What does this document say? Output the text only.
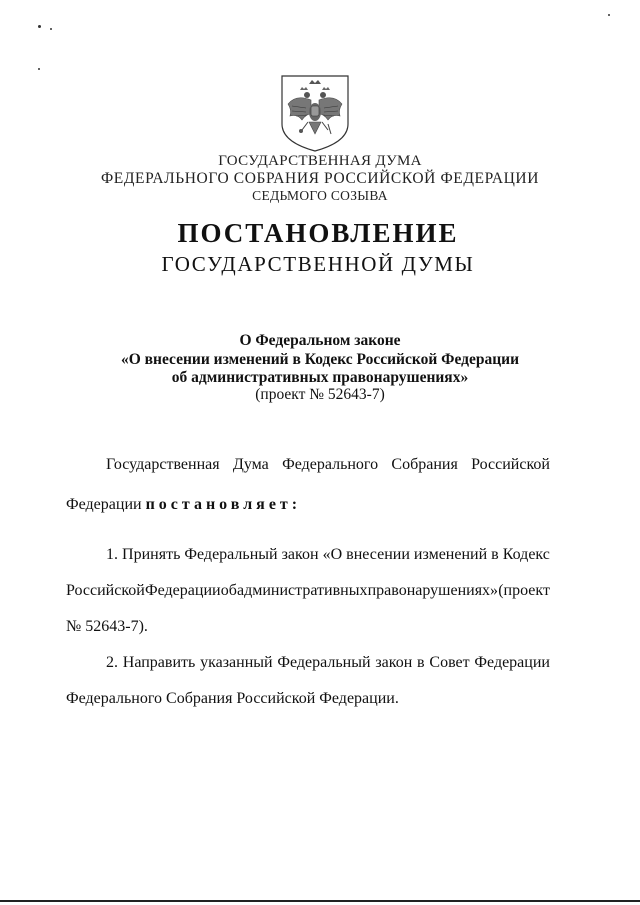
ГОСУДАРСТВЕННАЯ ДУМА
ФЕДЕРАЛЬНОГО СОБРАНИЯ РОССИЙСКОЙ ФЕДЕРАЦИИ
СЕДЬМОГО СОЗЫВА
ПОСТАНОВЛЕНИЕ
ГОСУДАРСТВЕННОЙ ДУМЫ
О Федеральном законе
«О внесении изменений в Кодекс Российской Федерации
об административных правонарушениях»
(проект № 52643-7)
Государственная Дума Федерального Собрания Российской
Федерации постановляет:
1. Принять Федеральный закон «О внесении изменений в Кодекс
Российской Федерации об административных правонарушениях» (проект
№ 52643-7).
2. Направить указанный Федеральный закон в Совет Федерации
Федерального Собрания Российской Федерации.
